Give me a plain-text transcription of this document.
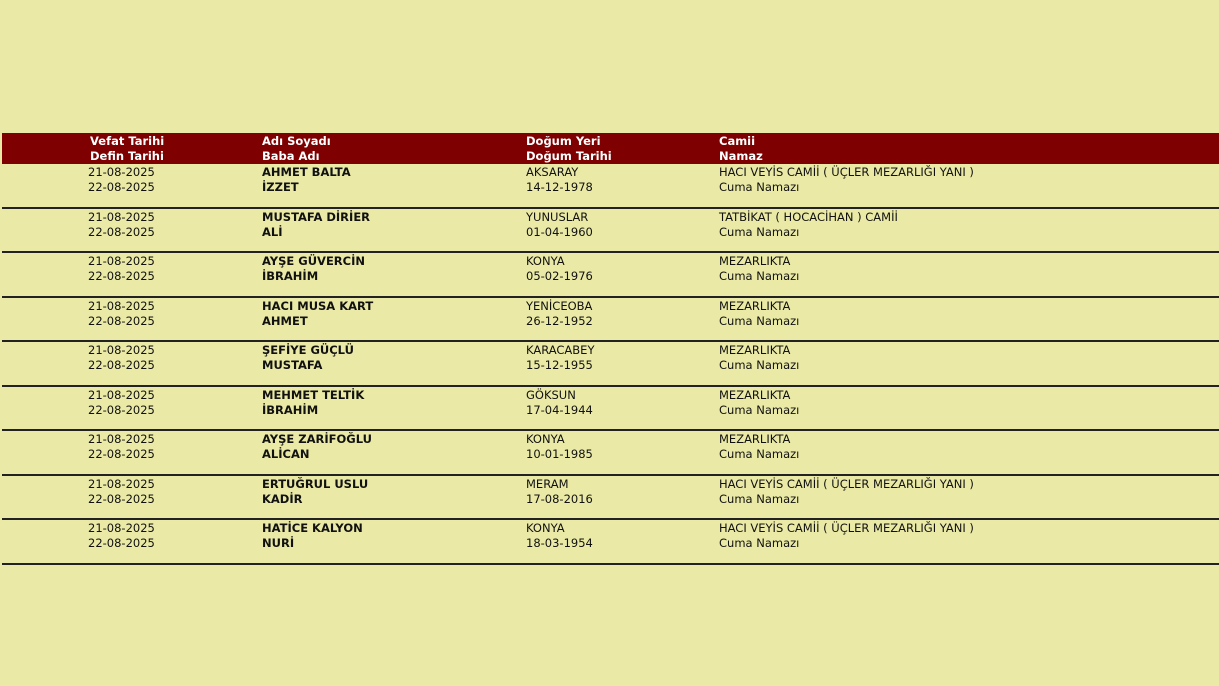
Vefat Tarihi
Defin Tarihi
Adı Soyadı
Baba Adı
Doğum Yeri
Doğum Tarihi
Camii
Namaz
21-08-2025
22-08-2025
AHMET BALTA
İZZET
AKSARAY
14-12-1978
HACI VEYİS CAMİİ ( ÜÇLER MEZARLIĞI YANI )
Cuma Namazı
21-08-2025
22-08-2025
MUSTAFA DİRİER
ALİ
YUNUSLAR
01-04-1960
TATBİKAT ( HOCACİHAN ) CAMİİ
Cuma Namazı
21-08-2025
22-08-2025
AYŞE GÜVERCİN
İBRAHİM
KONYA
05-02-1976
MEZARLIKTA
Cuma Namazı
21-08-2025
22-08-2025
HACI MUSA KART
AHMET
YENİCEOBA
26-12-1952
MEZARLIKTA
Cuma Namazı
21-08-2025
22-08-2025
ŞEFİYE GÜÇLÜ
MUSTAFA
KARACABEY
15-12-1955
MEZARLIKTA
Cuma Namazı
21-08-2025
22-08-2025
MEHMET TELTİK
İBRAHİM
GÖKSUN
17-04-1944
MEZARLIKTA
Cuma Namazı
21-08-2025
22-08-2025
AYŞE ZARİFOĞLU
ALİCAN
KONYA
10-01-1985
MEZARLIKTA
Cuma Namazı
21-08-2025
22-08-2025
ERTUĞRUL USLU
KADİR
MERAM
17-08-2016
HACI VEYİS CAMİİ ( ÜÇLER MEZARLIĞI YANI )
Cuma Namazı
21-08-2025
22-08-2025
HATİCE KALYON
NURİ
KONYA
18-03-1954
HACI VEYİS CAMİİ ( ÜÇLER MEZARLIĞI YANI )
Cuma Namazı
